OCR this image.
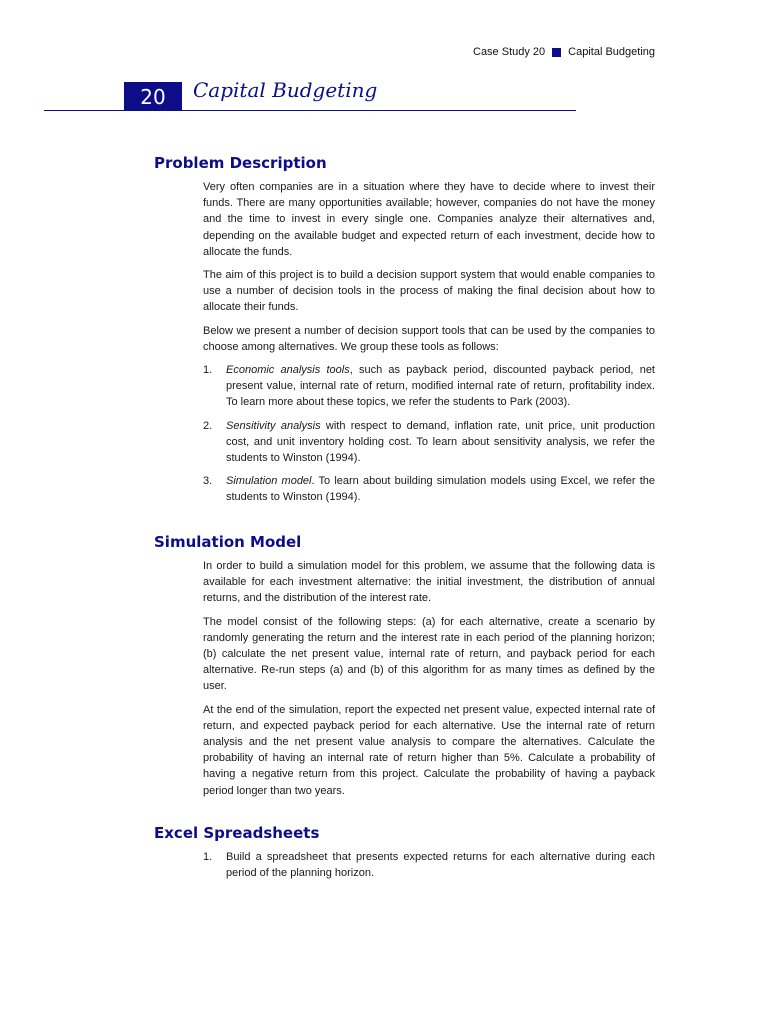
Case Study 20 Capital Budgeting
20	Capital Budgeting
Problem Description

Very often companies are in a situation where they have to decide where to invest their funds. There are many opportunities available; however, companies do not have the money and the time to invest in every single one. Companies analyze their alternatives and, depending on the available budget and expected return of each investment, decide how to allocate the funds.

The aim of this project is to build a decision support system that would enable companies to use a number of decision tools in the process of making the final decision about how to allocate their funds.

Below we present a number of decision support tools that can be used by the companies to choose among alternatives. We group these tools as follows:

1.	Economic analysis tools, such as payback period, discounted payback period, net present value, internal rate of return, modified internal rate of return, profitability index. To learn more about these topics, we refer the students to Park (2003).
2.	Sensitivity analysis with respect to demand, inflation rate, unit price, unit production cost, and unit inventory holding cost. To learn about sensitivity analysis, we refer the students to Winston (1994).
3.	Simulation model. To learn about building simulation models using Excel, we refer the students to Winston (1994).
Simulation Model

In order to build a simulation model for this problem, we assume that the following data is available for each investment alternative: the initial investment, the distribution of annual returns, and the distribution of the interest rate.

The model consist of the following steps: (a) for each alternative, create a scenario by randomly generating the return and the interest rate in each period of the planning horizon; (b) calculate the net present value, internal rate of return, and payback period for each alternative. Re-run steps (a) and (b) of this algorithm for as many times as defined by the user.

At the end of the simulation, report the expected net present value, expected internal rate of return, and expected payback period for each alternative. Use the internal rate of return analysis and the net present value analysis to compare the alternatives. Calculate the probability of having an internal rate of return higher than 5%. Calculate a probability of having a negative return from this project. Calculate the probability of having a payback period longer than two years.

Excel Spreadsheets
1.	Build a spreadsheet that presents expected returns for each alternative during each period of the planning horizon.
